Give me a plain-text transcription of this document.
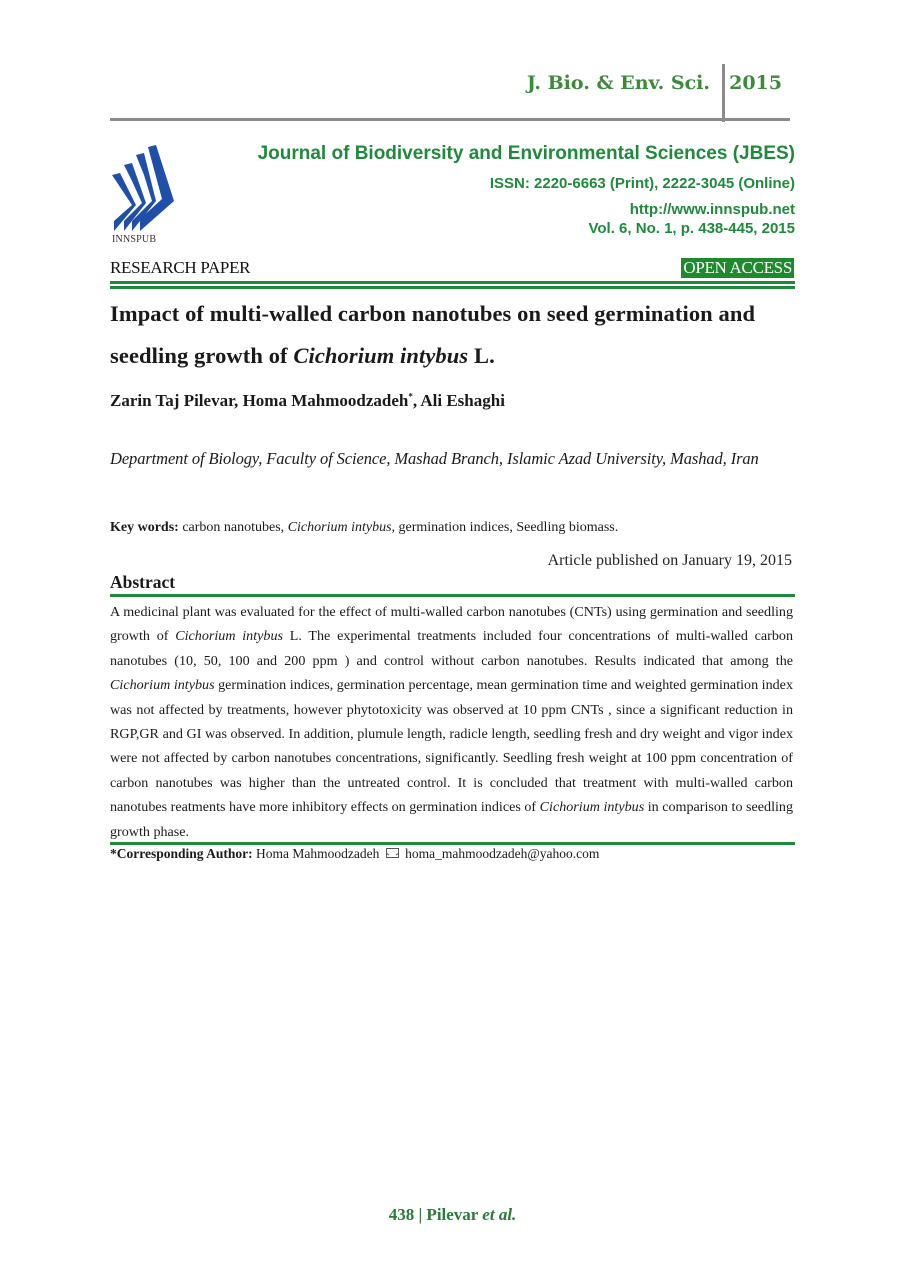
J. Bio. & Env. Sci. 2015
INNSPUB
Journal of Biodiversity and Environmental Sciences (JBES)
ISSN: 2220-6663 (Print), 2222-3045 (Online)
http://www.innspub.net
Vol. 6, No. 1, p. 438-445, 2015
RESEARCH PAPER	OPEN ACCESS
Impact of multi-walled carbon nanotubes on seed germination and seedling growth of Cichorium intybus L.
Zarin Taj Pilevar, Homa Mahmoodzadeh*, Ali Eshaghi
Department of Biology, Faculty of Science, Mashad Branch, Islamic Azad University, Mashad, Iran
Key words: carbon nanotubes, Cichorium intybus, germination indices, Seedling biomass.
Article published on January 19, 2015
Abstract
A medicinal plant was evaluated for the effect of multi-walled carbon nanotubes (CNTs) using germination and seedling growth of Cichorium intybus L. The experimental treatments included four concentrations of multi-walled carbon nanotubes (10, 50, 100 and 200 ppm ) and control without carbon nanotubes. Results indicated that among the Cichorium intybus germination indices, germination percentage, mean germination time and weighted germination index was not affected by treatments, however phytotoxicity was observed at 10 ppm CNTs , since a significant reduction in RGP,GR and GI was observed. In addition, plumule length, radicle length, seedling fresh and dry weight and vigor index were not affected by carbon nanotubes concentrations, significantly. Seedling fresh weight at 100 ppm concentration of carbon nanotubes was higher than the untreated control. It is concluded that treatment with multi-walled carbon nanotubes reatments have more inhibitory effects on germination indices of Cichorium intybus in comparison to seedling growth phase.
*Corresponding Author: Homa Mahmoodzadeh  homa_mahmoodzadeh@yahoo.com
438 | Pilevar et al.
